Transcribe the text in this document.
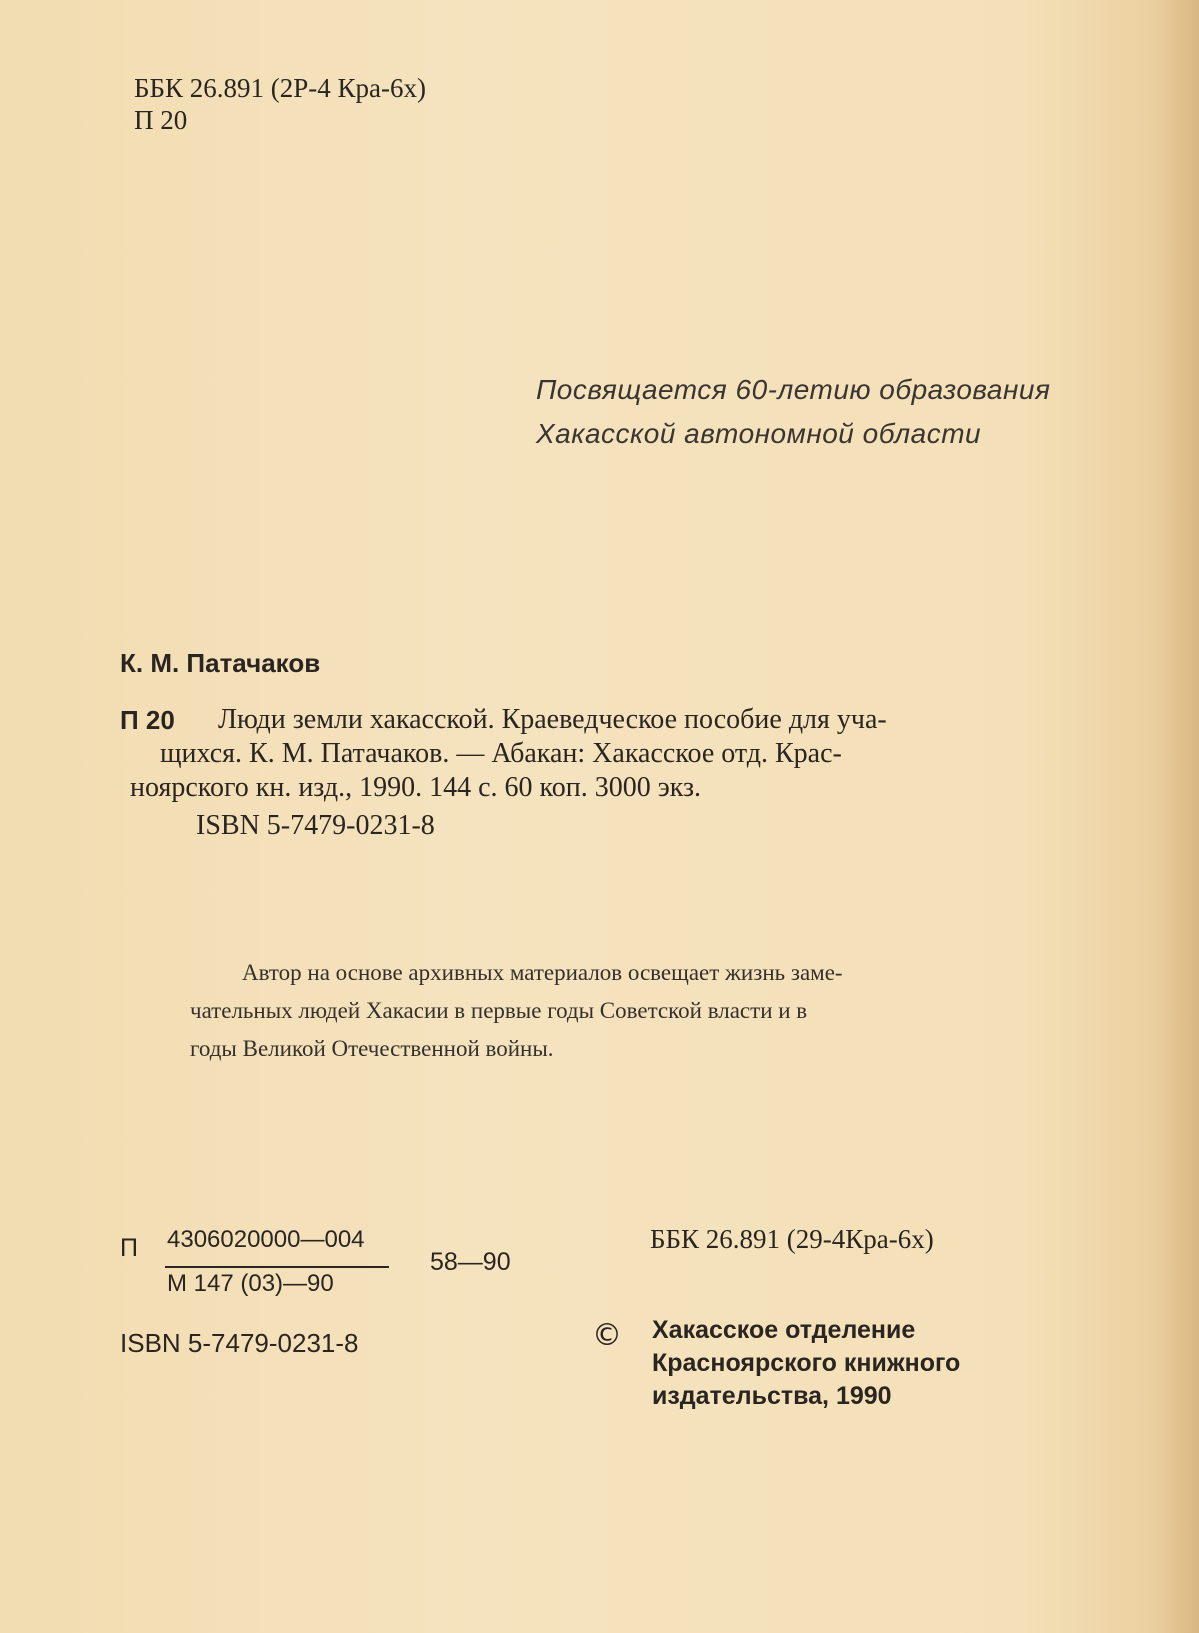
ББК 26.891 (2Р-4 Кра-6х)
П 20
Посвящается 60-летию образования
Хакасской автономной области
К. М. Патачаков
П 20 Люди земли хакасской. Краеведческое пособие для уча-
щихся. К. М. Патачаков. — Абакан: Хакасское отд. Крас-
ноярского кн. изд., 1990. 144 с. 60 коп. 3000 экз.
ISBN 5-7479-0231-8
Автор на основе архивных материалов освещает жизнь заме-
чательных людей Хакасии в первые годы Советской власти и в
годы Великой Отечественной войны.
П 4306020000—004
М 147 (03)—90
58—90
ББК 26.891 (29-4Кра-6х)
ISBN 5-7479-0231-8	© Хакасское отделение
Красноярского книжного
издательства, 1990
